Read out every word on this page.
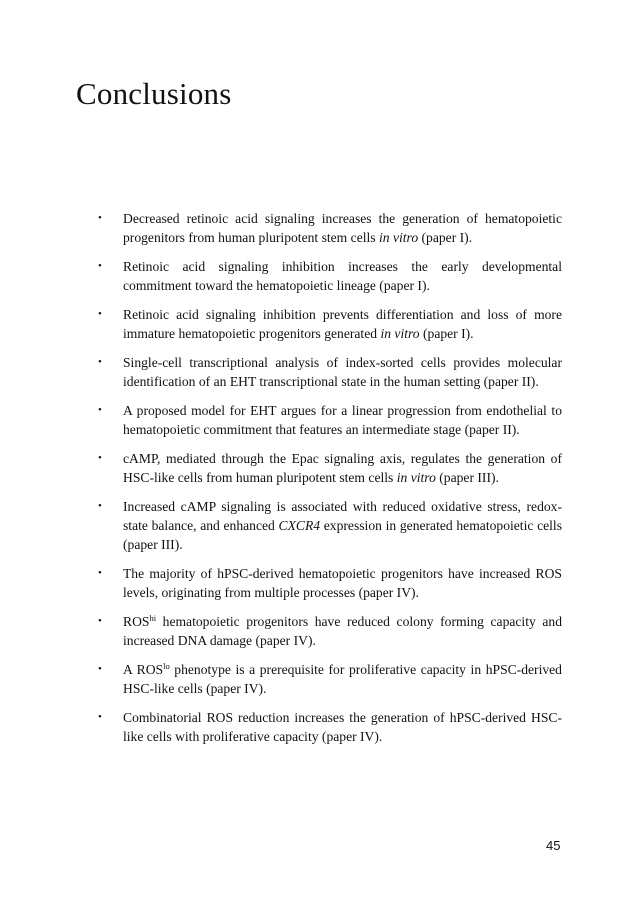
Conclusions
• Decreased retinoic acid signaling increases the generation of hematopoietic progenitors from human pluripotent stem cells in vitro (paper I).
• Retinoic acid signaling inhibition increases the early developmental commitment toward the hematopoietic lineage (paper I).
• Retinoic acid signaling inhibition prevents differentiation and loss of more immature hematopoietic progenitors generated in vitro (paper I).
• Single-cell transcriptional analysis of index-sorted cells provides molecular identification of an EHT transcriptional state in the human setting (paper II).
• A proposed model for EHT argues for a linear progression from endothelial to hematopoietic commitment that features an intermediate stage (paper II).
• cAMP, mediated through the Epac signaling axis, regulates the generation of HSC-like cells from human pluripotent stem cells in vitro (paper III).
• Increased cAMP signaling is associated with reduced oxidative stress, redox-state balance, and enhanced CXCR4 expression in generated hematopoietic cells (paper III).
• The majority of hPSC-derived hematopoietic progenitors have increased ROS levels, originating from multiple processes (paper IV).
• $ROS^{hi}$ hematopoietic progenitors have reduced colony forming capacity and increased DNA damage (paper IV).
• A $ROS^{lo}$ phenotype is a prerequisite for proliferative capacity in hPSC-derived HSC-like cells (paper IV).
• Combinatorial ROS reduction increases the generation of hPSC-derived HSC-like cells with proliferative capacity (paper IV).
45
